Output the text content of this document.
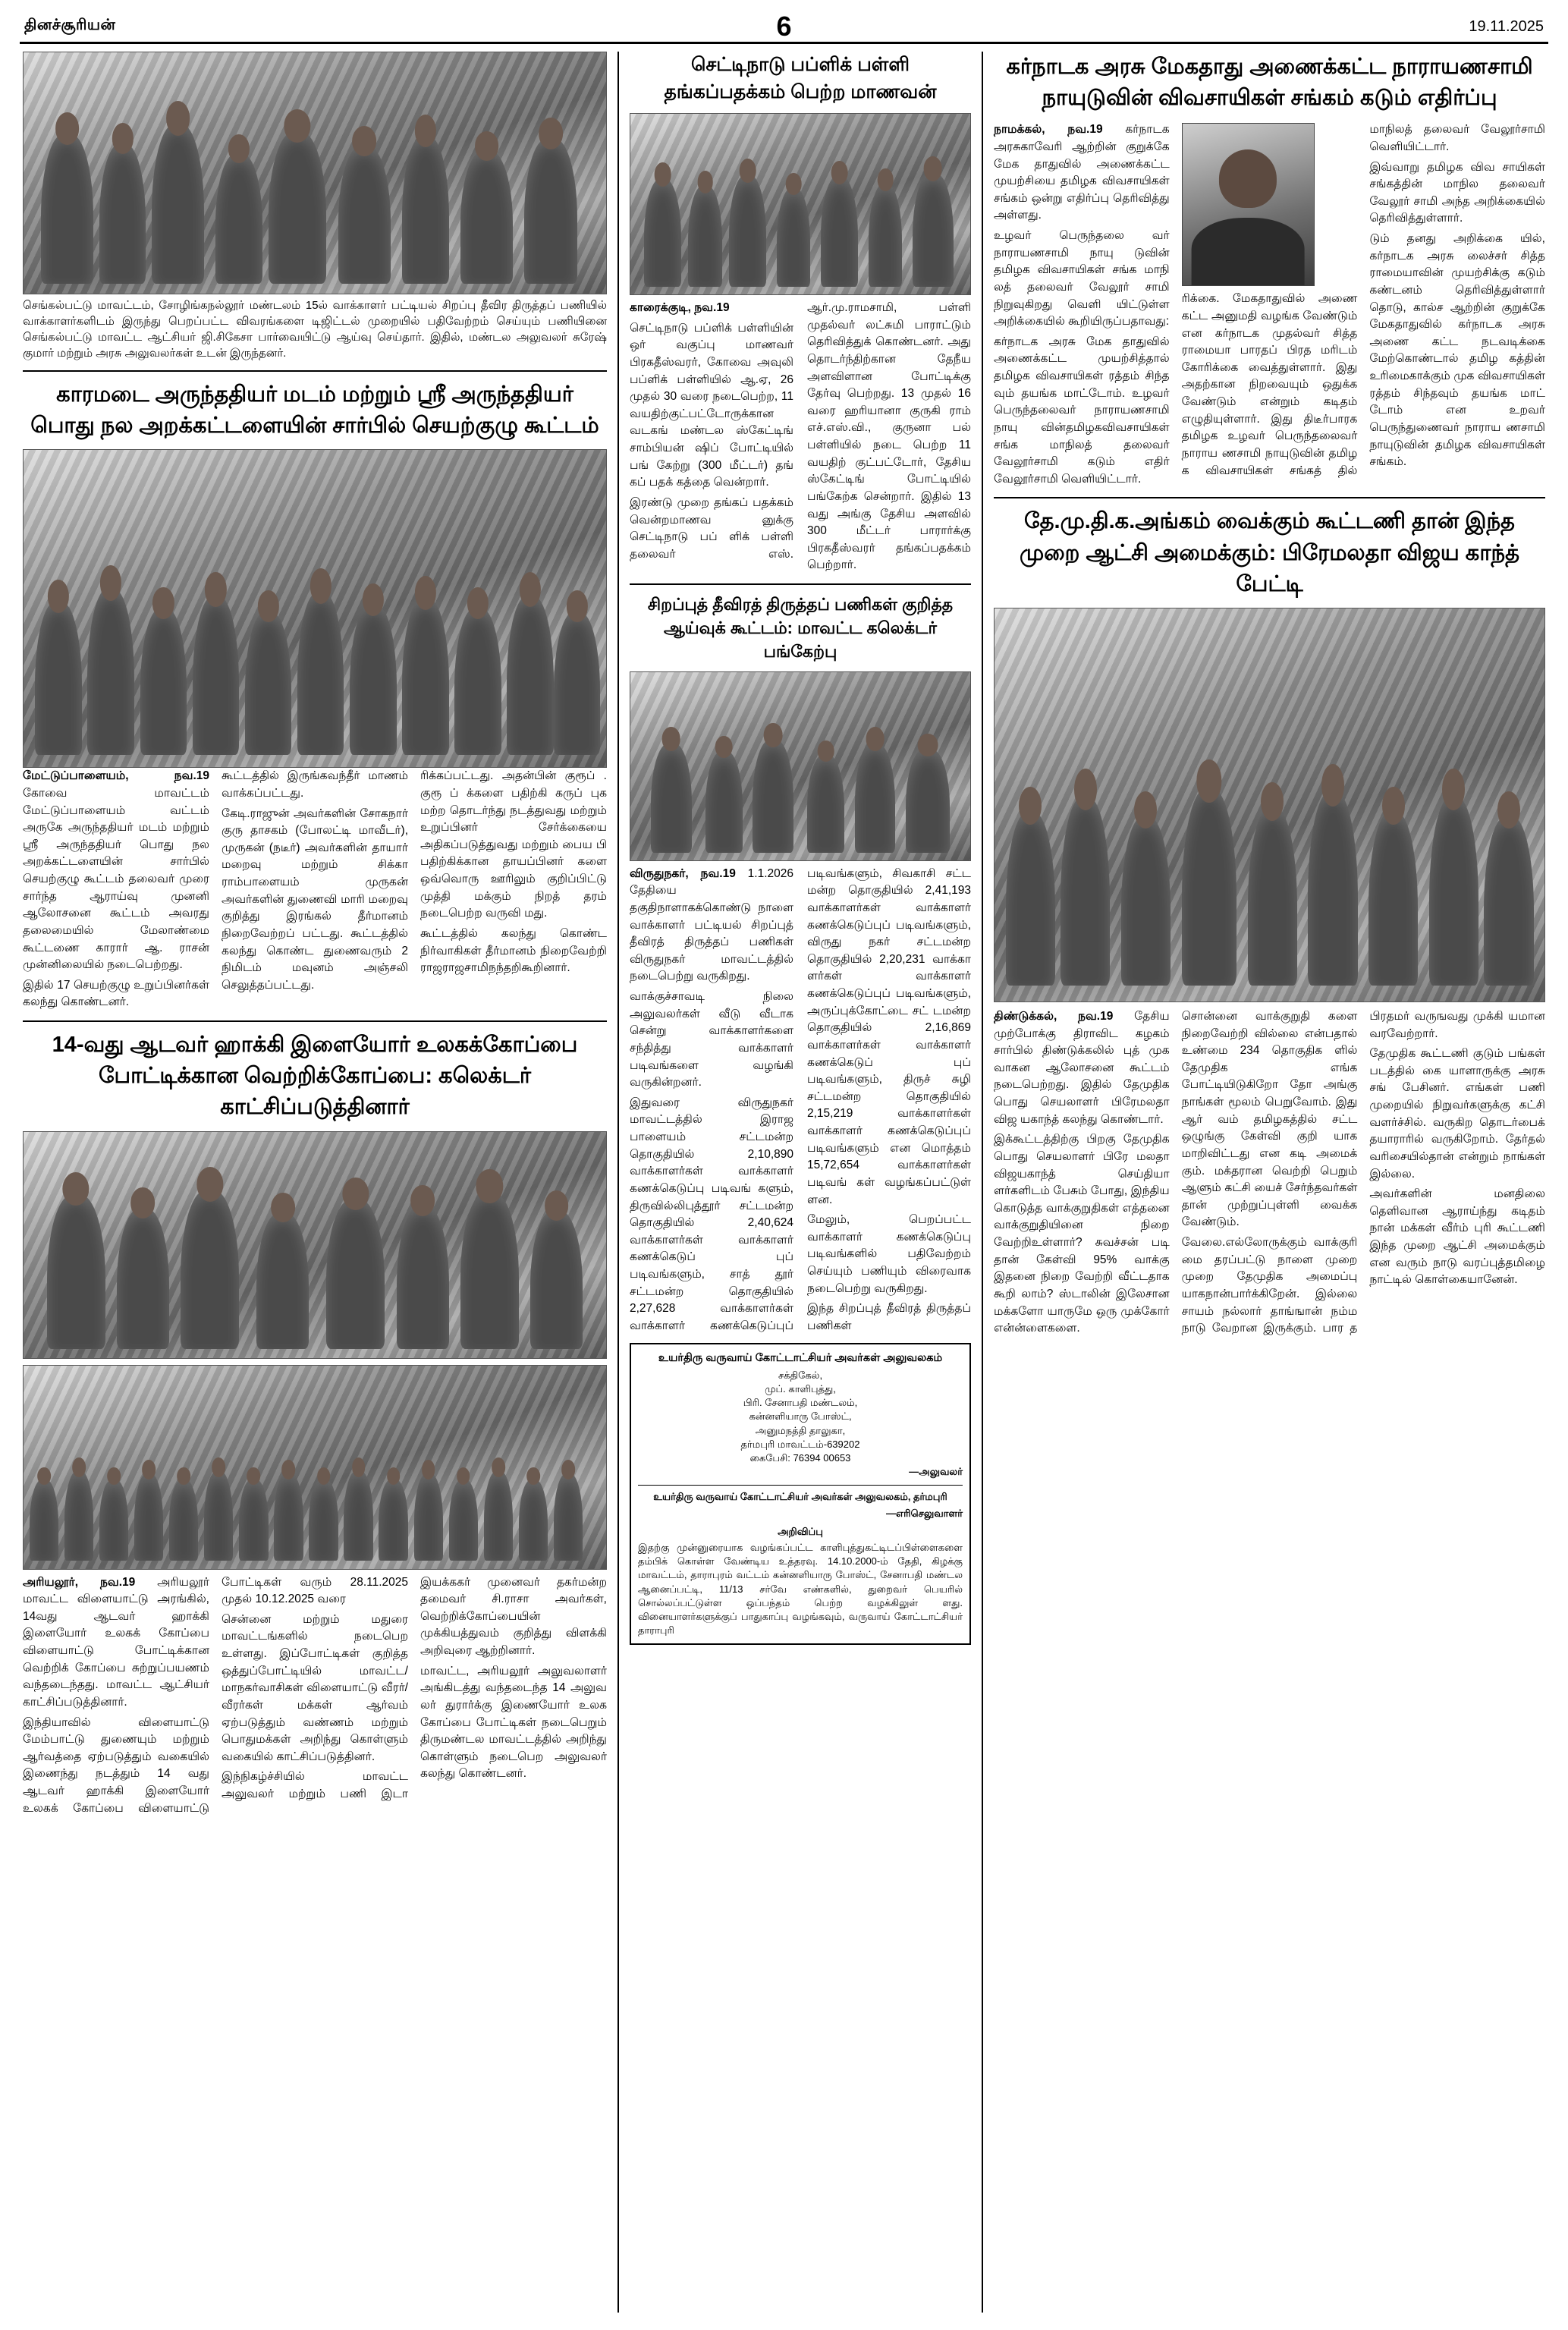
தினச்சூரியன்	6	19.11.2025
செங்கல்பட்டு மாவட்டம், சோழிங்கநல்லூர் மண்டலம் 15ல் வாக்காளர் பட்டியல் சிறப்பு தீவிர திருத்தப் பணியில் வாக்காளர்களிடம் இருந்து பெறப்பட்ட விவரங்களை டிஜிட்டல் முறையில் பதிவேற்றம் செய்யும் பணியினை செங்கல்பட்டு மாவட்ட ஆட்சியர் ஜி.சிகேசா பார்வையிட்டு ஆய்வு செய்தார். இதில், மண்டல அலுவலர் சுரேஷ் குமார் மற்றும் அரசு அலுவலர்கள் உடன் இருந்தனர்.
காரமடை அருந்ததியர் மடம் மற்றும் ஸ்ரீ அருந்ததியர் பொது நல அறக்கட்டளையின் சார்பில் செயற்குழு கூட்டம்

மேட்டுப்பாளையம், நவ.19 கோவை மாவட்டம் மேட்டுப்பாளையம் வட்டம் அருகே அருந்ததியர் மடம் மற்றும் ஸ்ரீ அருந்ததியர் பொது நல அறக்கட்டளையின் சார்பில் செயற்குழு கூட்டம் தலைவர் முரை சார்ந்த ஆராய்வு முனனி ஆலோசனை கூட்டம் அவரது தலைமையில் மேலாண்மை கூட்டணை காரார் ஆ. ராசன் முன்னிலையில் நடைபெற்றது.

இதில் 17 செயற்குழு உறுப்பினர்கள் கலந்து கொண்டனர்.

கூட்டத்தில் இருங்கவந்தீர் மாணம் வாக்கப்பட்டது.

கேடி.ராஜுன் அவர்களின் சோகநார் குரு தாசகம் (போலட்டி மாவீடர்), முருகன் (நடீர்) அவர்களின் தாயார் மறைவு மற்றும் சிக்கா ராம்பாளையம் முருகன் அவர்களின் துணைவி மாரி மறைவு குறித்து இரங்கல் தீர்மானம் நிறைவேற்றப் பட்டது. கூட்டத்தில் கலந்து கொண்ட துணைவரும் 2 நிமிடம் மவுனம் அஞ்சலி செலுத்தப்பட்டது.

ரிக்கப்பட்டது. அதன்பின் குரூப் . குரூ ப் க்களை பதிற்கி கருப் புக மற்ற தொடர்ந்து நடத்துவது மற்றும் உறுப்பினர் சேர்க்கையை அதிகப்படுத்துவது மற்றும் பைய பி பதிற்கிக்கான தாயப்பினர் களை ஒவ்வொரு ஊரிலும் குறிப்பிட்டு முத்தி மக்கும் நிறத் தரம் நடைபெற்ற வருவி மது.

கூட்டத்தில் கலந்து கொண்ட நிர்வாகிகள் தீர்மானம் நிறைவேற்றி ராஜராஜசாமிநந்தறிகூறினார்.

14-வது ஆடவர் ஹாக்கி இளையோர் உலகக்கோப்பை போட்டிக்கான வெற்றிக்கோப்பை: கலெக்டர் காட்சிப்படுத்தினார்

அரியலூர், நவ.19 அரியலூர் மாவட்ட விளையாட்டு அரங்கில், 14வது ஆடவர் ஹாக்கி இளையோர் உலகக் கோப்பை விளையாட்டு போட்டிக்கான வெற்றிக் கோப்பை சுற்றுப்பயணம் வந்தடைந்தது. மாவட்ட ஆட்சியர் காட்சிப்படுத்தினார்.

இந்தியாவில் விளையாட்டு மேம்பாட்டு துணையும் மற்றும் ஆர்வத்தை ஏற்படுத்தும் வகையில் இணைந்து நடத்தும் 14 வது ஆடவர் ஹாக்கி இளையோர் உலகக் கோப்பை விளையாட்டு போட்டிகள் வரும் 28.11.2025 முதல் 10.12.2025 வரை

சென்னை மற்றும் மதுரை மாவட்டங்களில் நடைபெற உள்ளது. இப்போட்டிகள் குறித்த ஒத்துப்போட்டியில் மாவட்ட/மாநகர்வாசிகள் விளையாட்டு வீரர்/வீரர்கள் மக்கள் ஆர்வம் ஏற்படுத்தும் வண்ணம் மற்றும் பொதுமக்கள் அறிந்து கொள்ளும் வகையில் காட்சிப்படுத்தினர்.

இந்நிகழ்ச்சியில் மாவட்ட அலுவலர் மற்றும் பணி இடா இயக்ககர் முனைவர் தகர்மன்ற தமைவர் சி.ராசா அவர்கள், வெற்றிக்கோப்பையின் முக்கியத்துவம் குறித்து விளக்கி அறிவுரை ஆற்றினார்.

மாவட்ட, அரியலூர் அலுவலாளர் அங்கிடத்து வந்தடைந்த 14 அலுவ லர் துரார்க்கு இணையோர் உலக கோப்பை போட்டிகள் நடைபெறும் திருமண்டல மாவட்டத்தில் அறிந்து கொள்ளும் நடைபெற அலுவலர் கலந்து கொண்டனர்.

செட்டிநாடு பப்ளிக் பள்ளி தங்கப்பதக்கம் பெற்ற மாணவன்

காரைக்குடி, நவ.19

செட்டிநாடு பப்ளிக் பள்ளியின் ஒர் வகுப்பு மாணவர் பிரகதீஸ்வரர், கோவை அவுலி பப்ளிக் பள்ளியில் ஆ.ஏ, 26 முதல் 30 வரை நடைபெற்ற, 11 வயதிற்குட்பட்டோருக்கான வடகங் மண்டல ஸ்கேட்டிங் சாம்பியன் ஷிப் போட்டியில் பங் கேற்று (300 மீட்டர்) தங் கப் பதக் கத்தை வென்றார்.

இரண்டு முறை தங்கப் பதக்கம் வென்றமாணவ னுக்கு செட்டிநாடு பப் ளிக் பள்ளி தலைவர் எஸ். ஆர்.மு.ராமசாமி, பள்ளி முதல்வர் லட்சுமி பாராட்டும் தெரிவித்துக் கொண்டனர். அது தொடர்ந்திற்கான தேநீய அளவிளான போட்டிக்கு தேர்வு பெற்றது. 13 முதல் 16 வரை ஹரியானா குருகி ராம் எச்.எஸ்.வி., குருனா பல் பள்ளியில் நடை பெற்ற 11 வயதிற் குட்பட்டோர், தேசிய ஸ்கேட்டிங் போட்டியில் பங்கேற்க சென்றார். இதில் 13 வது அங்கு தேசிய அளவில் 300 மீட்டர் பாரார்க்கு பிரகதீஸ்வரர் தங்கப்பதக்கம் பெற்றார்.

சிறப்புத் தீவிரத் திருத்தப் பணிகள் குறித்த ஆய்வுக் கூட்டம்: மாவட்ட கலெக்டர் பங்கேற்பு

விருதுநகர், நவ.19 1.1.2026 தேதியை தகுதிநாளாகக்கொண்டு நாளை வாக்காளர் பட்டியல் சிறப்புத் தீவிரத் திருத்தப் பணிகள் விருதுநகர் மாவட்டத்தில் நடைபெற்று வருகிறது.

வாக்குச்சாவடி நிலை அலுவலர்கள் வீடு வீடாக சென்று வாக்காளர்களை சந்தித்து வாக்காளர் படிவங்களை வழங்கி வருகின்றனர்.

இதுவரை விருதுநகர் மாவட்டத்தில் இராஜ பாளையம் சட்டமன்ற தொகுதியில் 2,10,890 வாக்காளர்கள் வாக்காளர் கணக்கெடுப்பு படிவங் களும், திருவில்லிபுத்தூர் சட்டமன்ற தொகுதியில் 2,40,624 வாக்காளர்கள் வாக்காளர் கணக்கெடுப் புப் படிவங்களும், சாத் தூர் சட்டமன்ற தொகுதியில் 2,27,628 வாக்காளர்கள் வாக்காளர் கணக்கெடுப்புப் படிவங்களும், சிவகாசி சட்ட மன்ற தொகுதியில் 2,41,193 வாக்காளர்கள் வாக்காளர் கணக்கெடுப்புப் படிவங்களும், விருது நகர் சட்டமன்ற தொகுதியில் 2,20,231 வாக்கா ளர்கள் வாக்காளர் கணக்கெடுப்புப் படிவங்களும், அருப்புக்கோட்டை சட் டமன்ற தொகுதியில் 2,16,869 வாக்காளர்கள் வாக்காளர் கணக்கெடுப் புப் படிவங்களும், திருச் சுழி சட்டமன்ற தொகுதியில் 2,15,219 வாக்காளர்கள் வாக்காளர் கணக்கெடுப்புப் படிவங்களும் என மொத்தம் 15,72,654 வாக்காளர்கள் படிவங் கள் வழங்கப்பட்டுள் ளன.

மேலும், பெறப்பட்ட வாக்காளர் கணக்கெடுப்பு படிவங்களில் பதிவேற்றம் செய்யும் பணியும் விரைவாக நடைபெற்று வருகிறது.

இந்த சிறப்புத் தீவிரத் திருத்தப் பணிகள்

உயர்திரு வருவாய் கோட்டாட்சியர் அவர்கள் அலுவலகம்
சக்திகேல்,
முப். காளிபுத்து,
பிரி. சேனாபதி மண்டலம்,
கன்னளியாரு போஸ்ட்,
அனுமநத்தி தாலுகா,
தர்மபுரி மாவட்டம்-639202
கைபேசி: 76394 00653
—அலுவலர்
உயர்திரு வருவாய் கோட்டாட்சியர் அவர்கள் அலுவலகம், தர்மபுரி
—எரிசெலுவாளர்
அறிவிப்பு
இதற்கு முன்னுரையாக வழங்கப்பட்ட காளிபுத்துகட்டிடப்பிள்ளைகளை தம்பிக் கொள்ள வேண்டிய உத்தரவு. 14.10.2000-ம் தேதி, கிழக்கு மாவட்டம், தாராபுரம் வட்டம் கன்னளியாரு போஸ்ட், சேனாபதி மண்டல ஆனைப்பட்டி, 11/13 சர்வே எண்களில், துறைவர் பெயரில் சொல்லப்பட்டுள்ள ஒப்பந்தம் பெற்ற வழக்கிலுள் ளது. வினையாளர்களுக்குப் பாதுகாப்பு வழங்கவும், வருவாய் கோட்டாட்சியர் தாராபுரி
கர்நாடக அரசு மேகதாது அணைக்கட்ட நாராயணசாமி நாயுடுவின் விவசாயிகள் சங்கம் கடும் எதிர்ப்பு

நாமக்கல், நவ.19 கர்நாடக அரசுகாவேரி ஆற்றின் குறுக்கே மேக தாதுவில் அணைக்கட்ட முயற்சியை தமிழக விவசாயிகள் சங்கம் ஒன்று எதிர்ப்பு தெரிவித்து அள்ளது.

உழவர் பெருந்தலை வர் நாராயணசாமி நாயு டுவின் தமிழக விவசாயிகள் சங்க மாநி லத் தலைவர் வேலூர் சாமி நிறுவுகிறது வெளி யிட்டுள்ள அறிக்கையில் கூறியிருப்பதாவது:

கர்நாடக அரசு மேக தாதுவில் அணைக்கட்ட முயற்சித்தால் தமிழக விவசாயிகள் ரத்தம் சிந்த வும் தயங்க மாட்டோம். உழவர் பெருந்தலைவர் நாராயணசாமி நாயு வின்தமிழகவிவசாயிகள் சங்க மாநிலத் தலைவர் வேலூர்சாமி கடும் எதிர் வேலூர்சாமி வெளியிட்டார்.

ரிக்கை. மேகதாதுவில் அணை கட்ட அனுமதி வழங்க வேண்டும் என கர்நாடக முதல்வர் சித்த ராமையா பாரதப் பிரத மரிடம் கோரிக்கை வைத்துள்ளார். இது அதற்கான நிறவையும் ஒதுக்க வேண்டும் என்றும் கடிதம் எழுதியுள்ளார். இது திடீர்பாரக தமிழக உழவர் பெருந்தலைவர் நாராய ணசாமி நாயுடுவின் தமிழ க விவசாயிகள் சங்கத் தில் மாநிலத் தலைவர் வேலூர்சாமி வெளியிட்டார்.

இவ்வாறு தமிழக விவ சாயிகள் சங்கத்தின் மாநில தலைவர் வேலூர் சாமி அந்த அறிக்கையில் தெரிவித்துள்ளார்.

டும் தனது அறிக்கை யில், கர்நாடக அரசு லைச்சர் சித்த ராமையாவின் முயற்சிக்கு கடும் கண்டனம் தெரிவித்துள்ளார் தொடு, கால்ச ஆற்றின் குறுக்கே மேகதாதுவில் கர்நாடக அரசு அணை கட்ட நடவடிக்கை மேற்கொண்டால் தமிழ கத்தின் உரிமைகாக்கும் முக விவசாயிகள் ரத்தம் சிந்தவும் தயங்க மாட் டோம் என உறவர் பெருந்துணைவர் நாராய ணசாமி நாயுடுவின் தமிழக விவசாயிகள் சங்கம்.

தே.மு.தி.க.அங்கம் வைக்கும் கூட்டணி தான் இந்த முறை ஆட்சி அமைக்கும்: பிரேமலதா விஜய காந்த் பேட்டி

திண்டுக்கல், நவ.19 தேசிய முற்போக்கு திராவிட கழகம் சார்பில் திண்டுக்கலில் புத் முக வாகன ஆலோசனை கூட்டம் நடைபெற்றது. இதில் தேமுதிக பொது செயலாளர் பிரேமலதா விஜ யகாந்த் கலந்து கொண்டார்.

இக்கூட்டத்திற்கு பிறகு தேமுதிக பொது செயலாளர் பிரே மலதா விஜயகாந்த் செய்தியா ளர்களிடம் பேசும் போது, இந்திய கொடுத்த வாக்குறுதிகள் எத்தனை வாக்குறுதியினை நிறை வேற்றிஉள்ளார்? சுவச்சன் படி தான் கேள்வி 95% வாக்கு இதனை நிறை வேற்றி வீட்டதாக கூறி லாம்? ஸ்டாலின் இலேசான மக்களோ யாருமே ஒரு முக்கோர் என்ன்ளைகளை.

சொன்னை வாக்குறுதி களை நிறைவேற்றி வில்லை என்பதால் உண்மை 234 தொகுதிக ளில் தேமுதிக எங்க போட்டியிடுகிறோ தோ அங்கு நாங்கள் மூலம் பெறுவோம். இது ஆர் வம் தமிழகத்தில் சட்ட ஒழுங்கு கேள்வி குறி யாக மாறிவிட்டது என கடி அமைக் கும். மக்தரான வெற்றி பெறும் ஆளும் கட்சி யைச் சேர்ந்தவர்கள் தான் முற்றுப்புள்ளி வைக்க வேண்டும்.

வேலை.எல்லோருக்கும் வாக்குரி மை தரப்பட்டு நாளை முறை முறை தேமுதிக அமைப்பு யாகநான்பார்க்கிறேன். இல்லை சாயம் நல்லார் தாங்ஙான் நம்ம நாடு வேறான இருக்கும். பார த பிரதமர் வருஙவது முக்கி யமான வரவேற்றார்.

தேமுதிக கூட்டணி குடும் பங்கள் படத்தில் கை யாளாருக்கு அரசு சங் பேசினர். எங்கள் பணி முறையில் நிறுவர்களுக்கு கட்சி வளர்ச்சில். வருகிற தொடர்பைக் தயாராரில் வருகிறோம். தேர்தல் வரிசையில்தான் என்றும் நாங்கள் இல்லை.

அவர்களின் மனதிலை தெளிவான ஆராய்ந்து கடிதம் நான் மக்கள் வீர்ம் புரி கூட்டணி இந்த முறை ஆட்சி அமைக்கும் என வரும் நாடு வரப்புத்தமிழை நாட்டில் கொள்கையானேன்.
